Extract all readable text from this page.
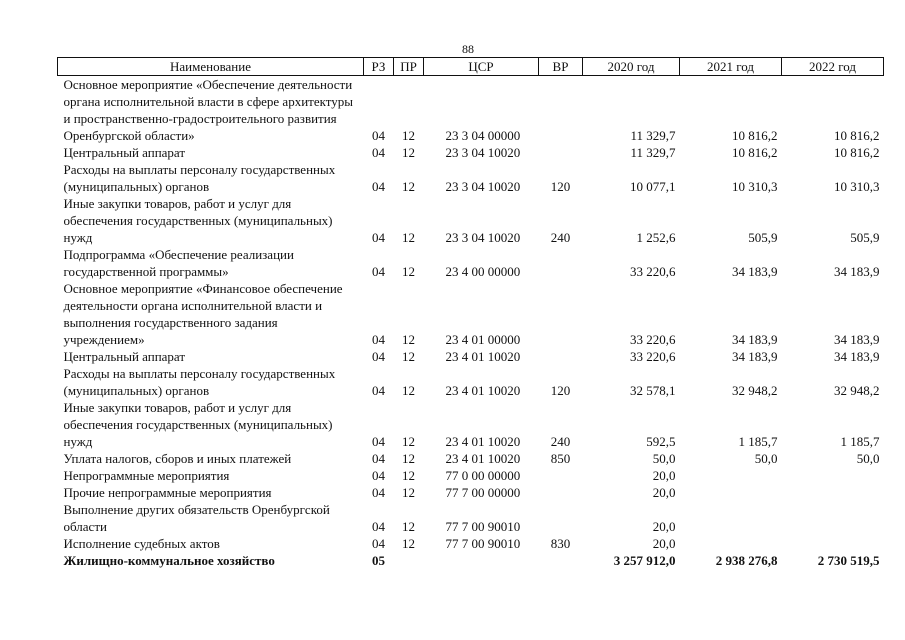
88
Наименование	РЗ	ПР	ЦСР	ВР	2020 год	2021 год	2022 год
Основное мероприятие «Обеспечение деятельности органа исполнительной власти в сфере архитектуры и пространственно-градостроительного развития Оренбургской области»	04	12	23 3 04 00000		11 329,7	10 816,2	10 816,2
Центральный аппарат	04	12	23 3 04 10020		11 329,7	10 816,2	10 816,2
Расходы на выплаты персоналу государственных (муниципальных) органов	04	12	23 3 04 10020	120	10 077,1	10 310,3	10 310,3
Иные закупки товаров, работ и услуг для обеспечения государственных (муниципальных) нужд	04	12	23 3 04 10020	240	1 252,6	505,9	505,9
Подпрограмма «Обеспечение реализации государственной программы»	04	12	23 4 00 00000		33 220,6	34 183,9	34 183,9
Основное мероприятие «Финансовое обеспечение деятельности органа исполнительной власти и выполнения государственного задания учреждением»	04	12	23 4 01 00000		33 220,6	34 183,9	34 183,9
Центральный аппарат	04	12	23 4 01 10020		33 220,6	34 183,9	34 183,9
Расходы на выплаты персоналу государственных (муниципальных) органов	04	12	23 4 01 10020	120	32 578,1	32 948,2	32 948,2
Иные закупки товаров, работ и услуг для обеспечения государственных (муниципальных) нужд	04	12	23 4 01 10020	240	592,5	1 185,7	1 185,7
Уплата налогов, сборов и иных платежей	04	12	23 4 01 10020	850	50,0	50,0	50,0
Непрограммные мероприятия	04	12	77 0 00 00000		20,0		
Прочие непрограммные мероприятия	04	12	77 7 00 00000		20,0		
Выполнение других обязательств Оренбургской области	04	12	77 7 00 90010		20,0		
Исполнение судебных актов	04	12	77 7 00 90010	830	20,0		
Жилищно-коммунальное хозяйство	05				3 257 912,0	2 938 276,8	2 730 519,5
